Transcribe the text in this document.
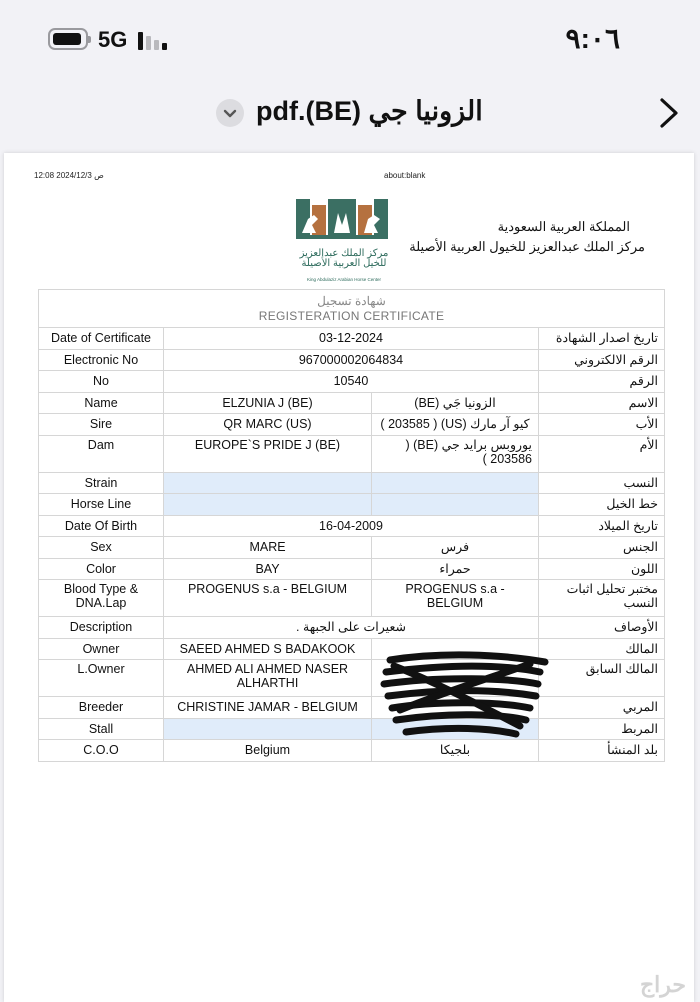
5G	٩:٠٦
الزونيا جي (BE).pdf
12:08 2024/12/3 ص	about:blank
مركز الملك عبدالعزيز للخيل العربية الأصيلة
King Abdulaziz Arabian Horse Center
المملكة العربية السعودية
مركز الملك عبدالعزيز للخيول العربية الأصيلة
شهادة تسجيل
REGISTERATION CERTIFICATE			

Date of Certificate	03-12-2024		تاريخ اصدار الشهادة
Electronic No	967000002064834		الرقم الالكتروني
No	10540		الرقم
Name	ELZUNIA J (BE)	الزونيا جَي (BE)	الاسم
Sire	QR MARC (US)	كيو آر مارك (US) ( 203585 )	الأب
Dam	EUROPE`S PRIDE J (BE)	يوروبس برايد جي (BE) ( 203586 )	الأم
Strain			النسب
Horse Line			خط الخيل
Date Of Birth	16-04-2009		تاريخ الميلاد
Sex	MARE	فرس	الجنس
Color	BAY	حمراء	اللون
Blood Type & DNA.Lap	PROGENUS s.a - BELGIUM	PROGENUS s.a - BELGIUM	مختبر تحليل اثبات النسب
Description	شعيرات على الجبهة .		الأوصاف
Owner	SAEED AHMED S BADAKOOK		المالك
L.Owner	AHMED ALI AHMED NASER ALHARTHI		المالك السابق
Breeder	CHRISTINE JAMAR - BELGIUM		المربي
Stall			المربط
C.O.O	Belgium	بلجيكا	بلد المنشأ
حراج
